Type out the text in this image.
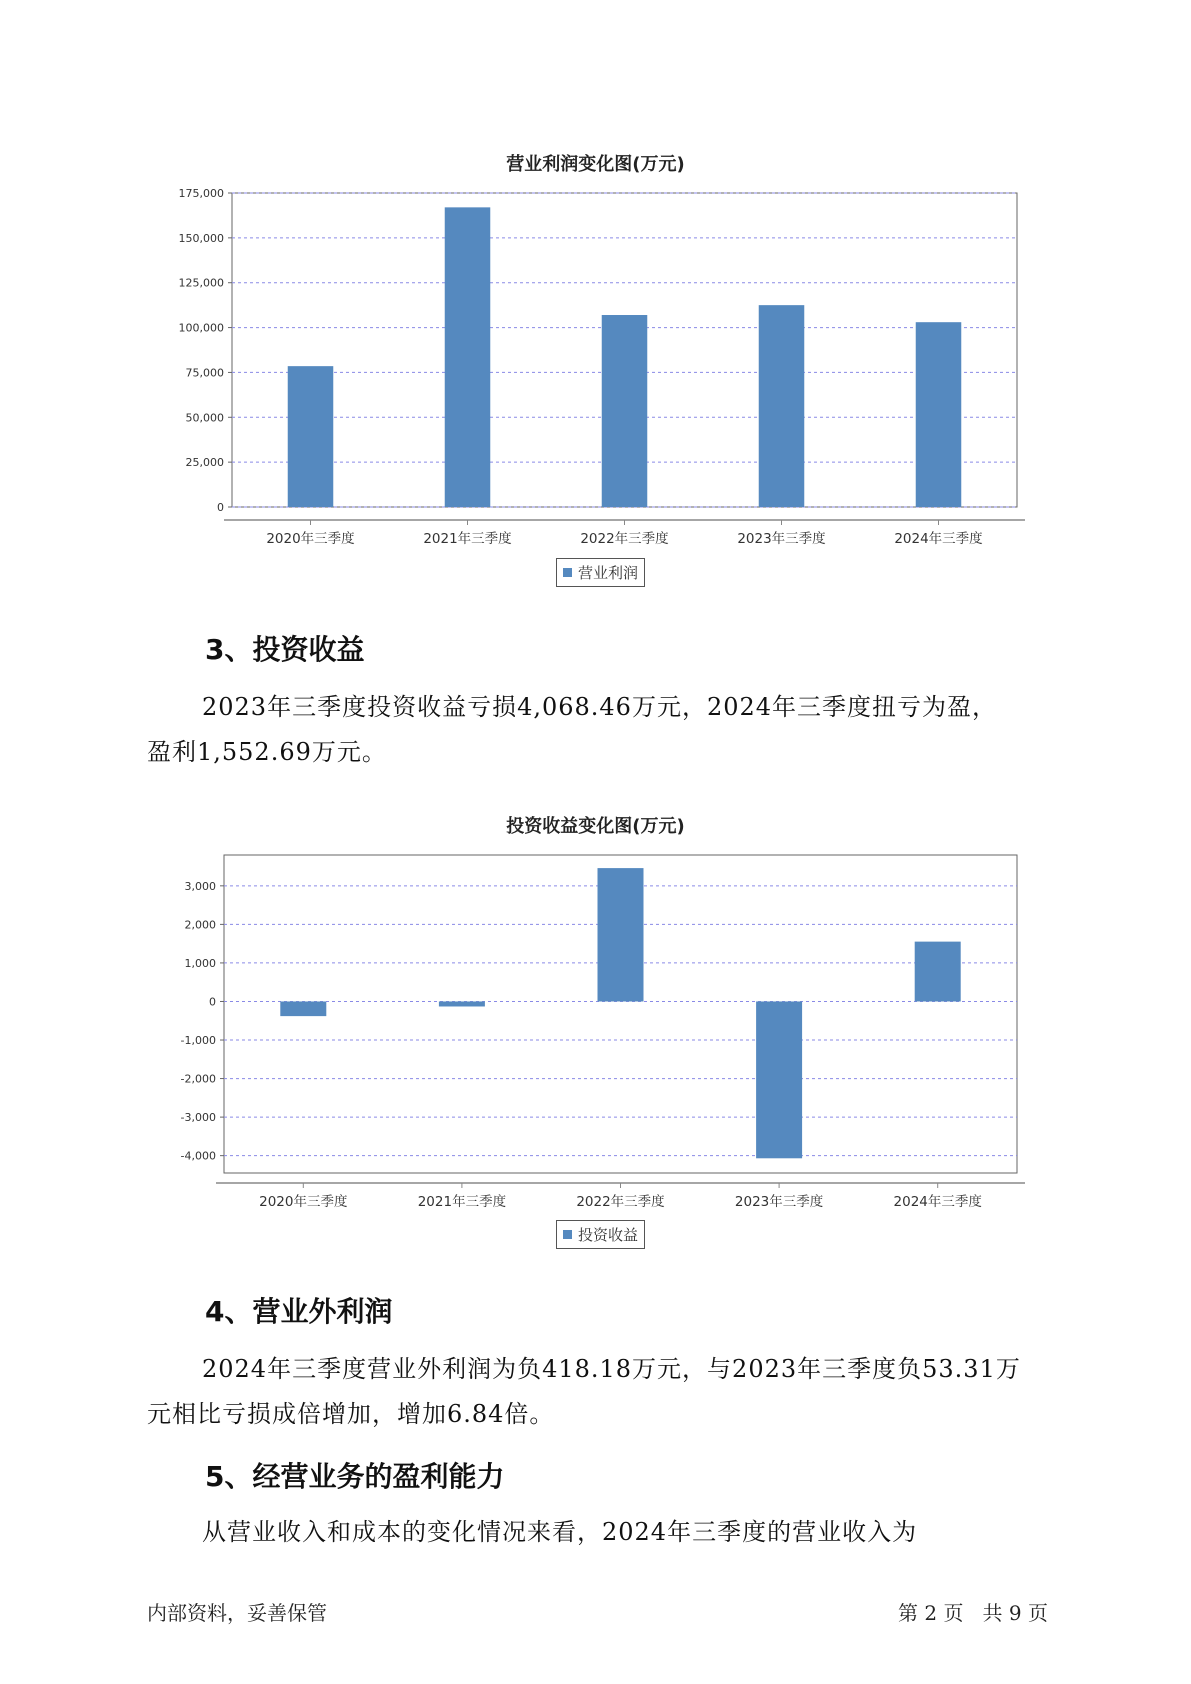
营业利润变化图(万元)
0
25,000
50,000
75,000
100,000
125,000
150,000
175,000
2020年三季度	2021年三季度	2022年三季度	2023年三季度	2024年三季度
营业利润
3、投资收益
2023年三季度投资收益亏损4,068.46万元，2024年三季度扭亏为盈，
盈利1,552.69万元。
投资收益变化图(万元)
-4,000
-3,000
-2,000
-1,000
0
1,000
2,000
3,000
2020年三季度	2021年三季度	2022年三季度	2023年三季度	2024年三季度
投资收益
4、营业外利润
2024年三季度营业外利润为负418.18万元，与2023年三季度负53.31万
元相比亏损成倍增加，增加6.84倍。
5、经营业务的盈利能力
从营业收入和成本的变化情况来看，2024年三季度的营业收入为
内部资料，妥善保管	第 2 页   共 9 页
